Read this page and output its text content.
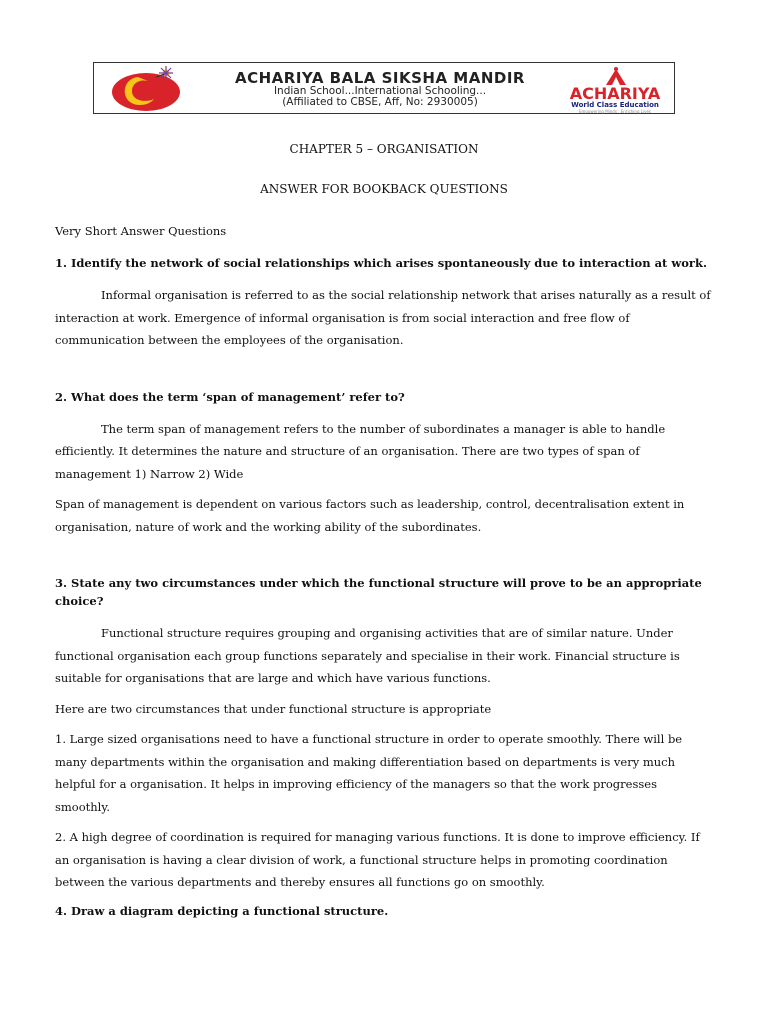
ACHARIYA BALA SIKSHA MANDIR
Indian School...International Schooling...
(Affiliated to CBSE, Aff, No: 2930005)	ACHARIYA
World Class Education
Empowering Minds . Enriching Lives
CHAPTER 5 – ORGANISATION
ANSWER FOR BOOKBACK QUESTIONS

Very Short Answer Questions

1. Identify the network of social relationships which arises spontaneously due to interaction at work.

Informal organisation is referred to as the social relationship network that arises naturally as a result of interaction at work. Emergence of informal organisation is from social interaction and free flow of communication between the employees of the organisation.

2. What does the term ‘span of management’ refer to?

The term span of management refers to the number of subordinates a manager is able to handle efficiently. It determines the nature and structure of an organisation. There are two types of span of management 1) Narrow 2) Wide

Span of management is dependent on various factors such as leadership, control, decentralisation extent in organisation, nature of work and the working ability of the subordinates.

3. State any two circumstances under which the functional structure will prove to be an appropriate choice?

Functional structure requires grouping and organising activities that are of similar nature. Under functional organisation each group functions separately and specialise in their work. Financial structure is suitable for organisations that are large and which have various functions.

Here are two circumstances that under functional structure is appropriate

1. Large sized organisations need to have a functional structure in order to operate smoothly. There will be many departments within the organisation and making differentiation based on departments is very much helpful for a organisation. It helps in improving efficiency of the managers so that the work progresses smoothly.

2. A high degree of coordination is required for managing various functions. It is done to improve efficiency. If an organisation is having a clear division of work, a functional structure helps in promoting coordination between the various departments and thereby ensures all functions go on smoothly.

4. Draw a diagram depicting a functional structure.
